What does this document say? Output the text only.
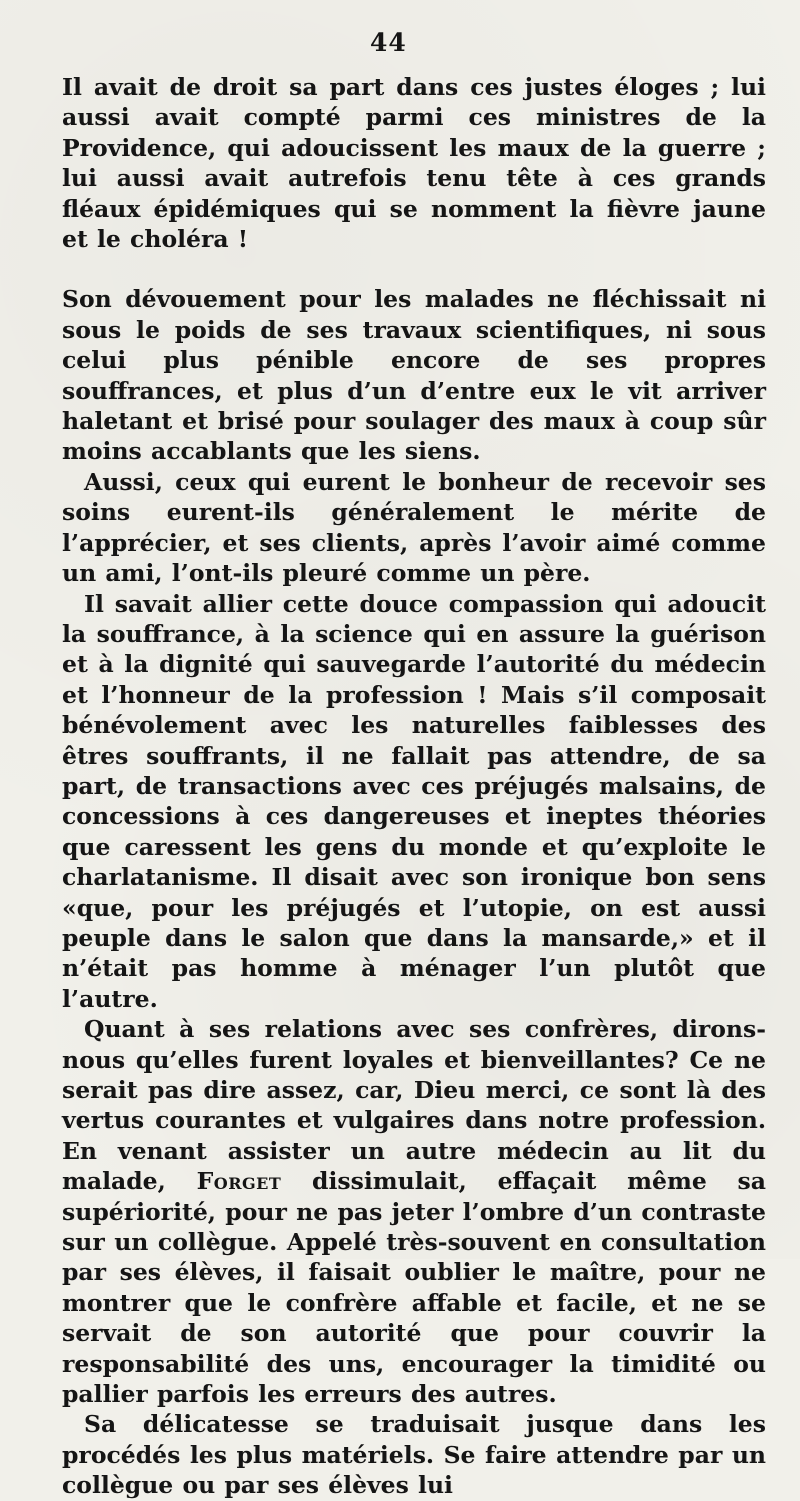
44

Il avait de droit sa part dans ces justes éloges ; lui aussi avait compté parmi ces ministres de la Providence, qui adoucissent les maux de la guerre ; lui aussi avait autrefois tenu tête à ces grands fléaux épidémiques qui se nomment la fièvre jaune et le choléra !

Son dévouement pour les malades ne fléchissait ni sous le poids de ses travaux scientifiques, ni sous celui plus pénible encore de ses propres souffrances, et plus d’un d’entre eux le vit arriver haletant et brisé pour soulager des maux à coup sûr moins accablants que les siens.

Aussi, ceux qui eurent le bonheur de recevoir ses soins eurent-ils généralement le mérite de l’apprécier, et ses clients, après l’avoir aimé comme un ami, l’ont-ils pleuré comme un père.

Il savait allier cette douce compassion qui adoucit la souffrance, à la science qui en assure la guérison et à la dignité qui sauvegarde l’autorité du médecin et l’honneur de la profession ! Mais s’il composait bénévolement avec les naturelles faiblesses des êtres souffrants, il ne fallait pas attendre, de sa part, de transactions avec ces préjugés malsains, de concessions à ces dangereuses et ineptes théories que caressent les gens du monde et qu’exploite le charlatanisme. Il disait avec son ironique bon sens «que, pour les préjugés et l’utopie, on est aussi peuple dans le salon que dans la mansarde,» et il n’était pas homme à ménager l’un plutôt que l’autre.

Quant à ses relations avec ses confrères, dirons-nous qu’elles furent loyales et bienveillantes? Ce ne serait pas dire assez, car, Dieu merci, ce sont là des vertus courantes et vulgaires dans notre profession. En venant assister un autre médecin au lit du malade, Forget dissimulait, effaçait même sa supériorité, pour ne pas jeter l’ombre d’un contraste sur un collègue. Appelé très-souvent en consultation par ses élèves, il faisait oublier le maître, pour ne montrer que le confrère affable et facile, et ne se servait de son autorité que pour couvrir la responsabilité des uns, encourager la timidité ou pallier parfois les erreurs des autres.

Sa délicatesse se traduisait jusque dans les procédés les plus matériels. Se faire attendre par un collègue ou par ses élèves lui
